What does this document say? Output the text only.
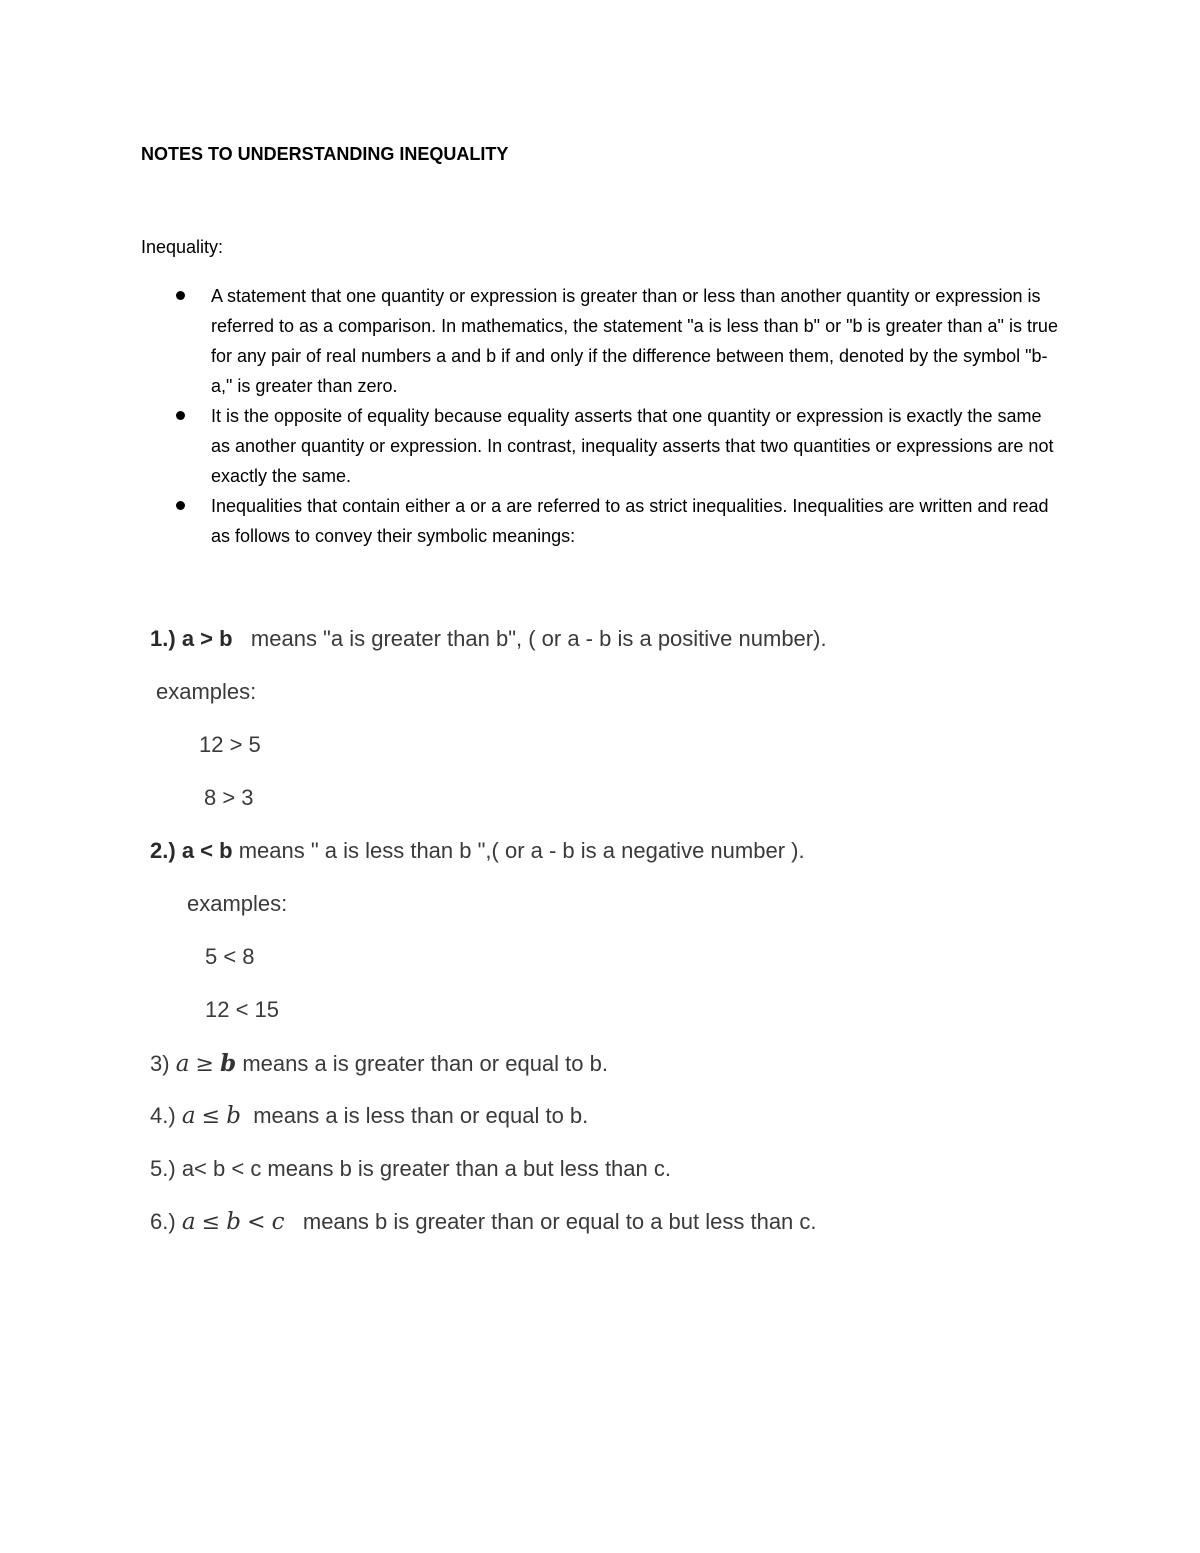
NOTES TO UNDERSTANDING INEQUALITY
Inequality:
A statement that one quantity or expression is greater than or less than another quantity or expression is referred to as a comparison. In mathematics, the statement "a is less than b" or "b is greater than a" is true for any pair of real numbers a and b if and only if the difference between them, denoted by the symbol "b-a," is greater than zero.
It is the opposite of equality because equality asserts that one quantity or expression is exactly the same as another quantity or expression. In contrast, inequality asserts that two quantities or expressions are not exactly the same.
Inequalities that contain either a or a are referred to as strict inequalities. Inequalities are written and read as follows to convey their symbolic meanings:
1.) a > b means "a is greater than b", ( or a - b is a positive number).
examples:
12 > 5
8 > 3
2.) a < b means " a is less than b ",( or a - b is a negative number ).
examples:
5 < 8
12 < 15
3) a ≥ b means a is greater than or equal to b.
4.) a ≤ b means a is less than or equal to b.
5.) a< b < c means b is greater than a but less than c.
6.) a ≤ b < c means b is greater than or equal to a but less than c.
